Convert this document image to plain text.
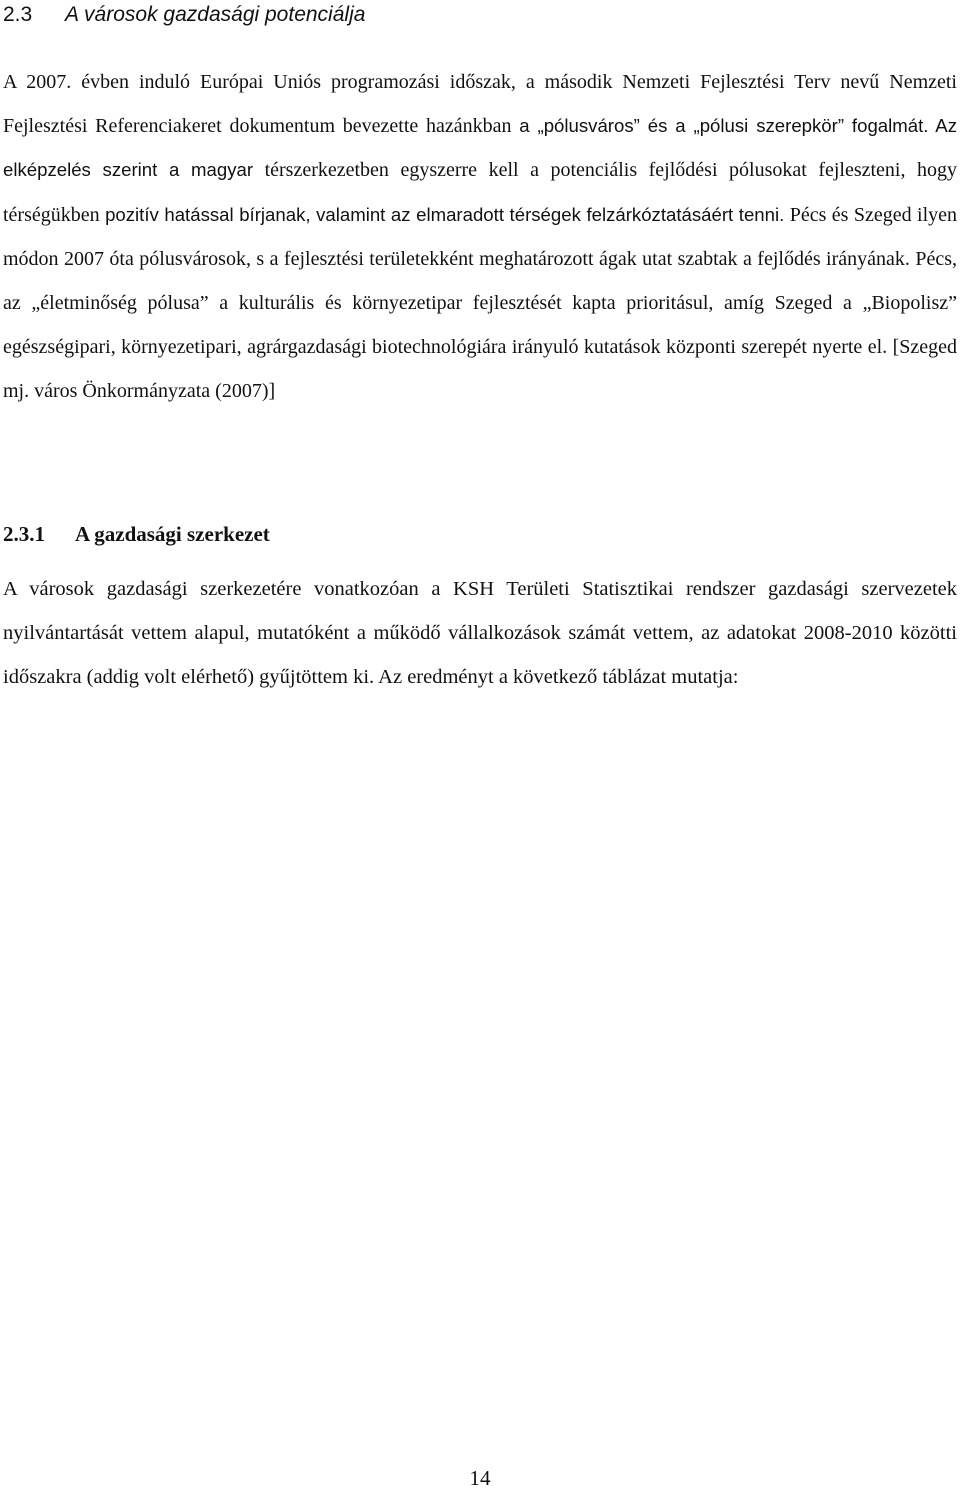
2.3 A városok gazdasági potenciálja

A 2007. évben induló Európai Uniós programozási időszak, a második Nemzeti Fejlesztési Terv nevű Nemzeti Fejlesztési Referenciakeret dokumentum bevezette hazánkban a „pólusváros” és a „pólusi szerepkör” fogalmát. Az elképzelés szerint a magyar térszerkezetben egyszerre kell a potenciális fejlődési pólusokat fejleszteni, hogy térségükben pozitív hatással bírjanak, valamint az elmaradott térségek felzárkóztatásáért tenni. Pécs és Szeged ilyen módon 2007 óta pólusvárosok, s a fejlesztési területekként meghatározott ágak utat szabtak a fejlődés irányának. Pécs, az „életminőség pólusa” a kulturális és környezetipar fejlesztését kapta prioritásul, amíg Szeged a „Biopolisz” egészségipari, környezetipari, agrárgazdasági biotechnológiára irányuló kutatások központi szerepét nyerte el. [Szeged mj. város Önkormányzata (2007)]

2.3.1 A gazdasági szerkezet

A városok gazdasági szerkezetére vonatkozóan a KSH Területi Statisztikai rendszer gazdasági szervezetek nyilvántartását vettem alapul, mutatóként a működő vállalkozások számát vettem, az adatokat 2008-2010 közötti időszakra (addig volt elérhető) gyűjtöttem ki. Az eredményt a következő táblázat mutatja:

14
